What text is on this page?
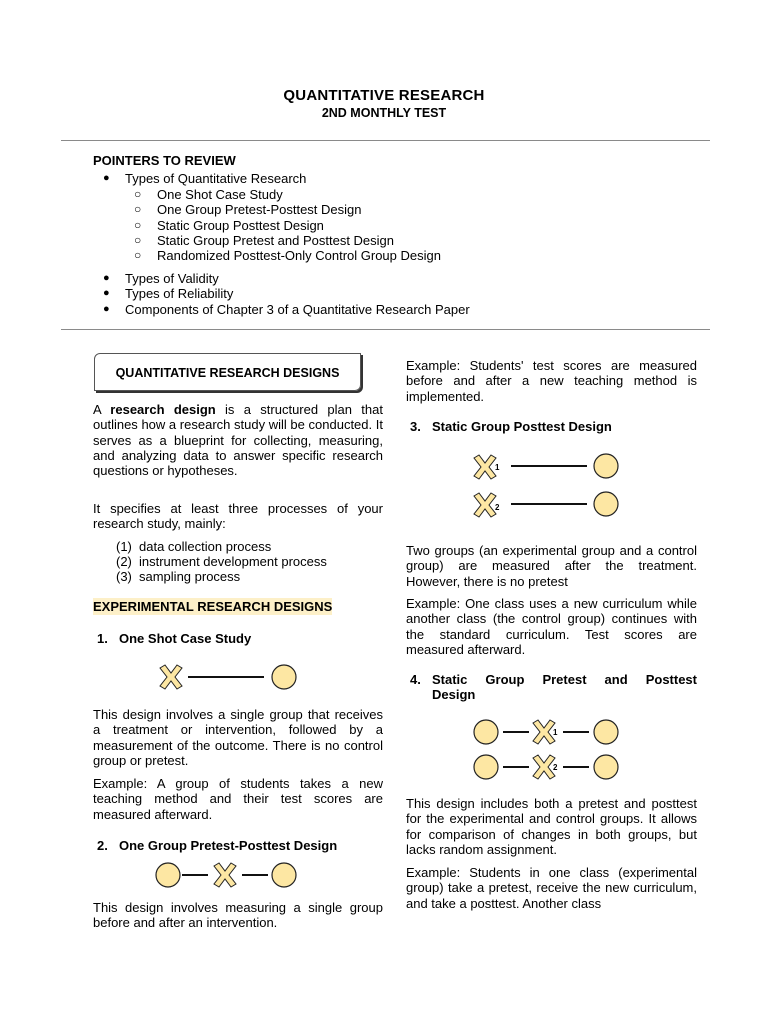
QUANTITATIVE RESEARCH
2ND MONTHLY TEST
POINTERS TO REVIEW
● Types of Quantitative Research
○ One Shot Case Study
○ One Group Pretest-Posttest Design
○ Static Group Posttest Design
○ Static Group Pretest and Posttest Design
○ Randomized Posttest-Only Control Group Design
● Types of Validity
● Types of Reliability
● Components of Chapter 3 of a Quantitative Research Paper
QUANTITATIVE RESEARCH DESIGNS
A research design is a structured plan that outlines how a research study will be conducted. It serves as a blueprint for collecting, measuring, and analyzing data to answer specific research questions or hypotheses.
It specifies at least three processes of your research study, mainly:
(1) data collection process
(2) instrument development process
(3) sampling process
EXPERIMENTAL RESEARCH DESIGNS
1. One Shot Case Study
This design involves a single group that receives a treatment or intervention, followed by a measurement of the outcome. There is no control group or pretest.
Example: A group of students takes a new teaching method and their test scores are measured afterward.
2. One Group Pretest-Posttest Design
This design involves measuring a single group before and after an intervention.
Example: Students' test scores are measured before and after a new teaching method is implemented.
3. Static Group Posttest Design
1
2
Two groups (an experimental group and a control group) are measured after the treatment. However, there is no pretest
Example: One class uses a new curriculum while another class (the control group) continues with the standard curriculum. Test scores are measured afterward.
4. Static Group Pretest and Posttest
Design
1
2
This design includes both a pretest and posttest for the experimental and control groups. It allows for comparison of changes in both groups, but lacks random assignment.
Example: Students in one class (experimental group) take a pretest, receive the new curriculum, and take a posttest. Another class
